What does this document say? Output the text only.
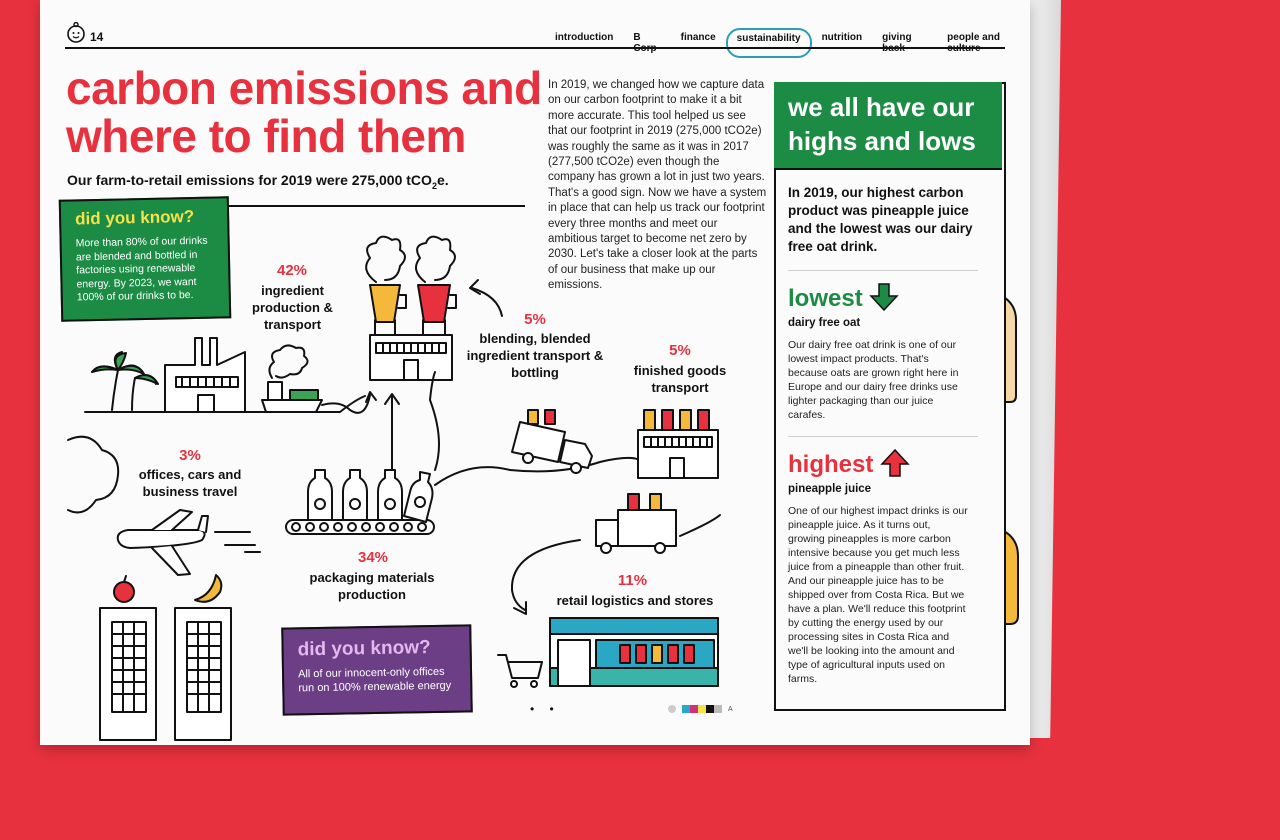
14	introduction	B	finance	sustainability	nutrition	giving	people and
carbon emissions and
where to find them
Our farm-to-retail emissions for 2019 were 275,000 tCO$_2$e.
In 2019, we changed how we capture data on our carbon footprint to make it a bit more accurate. This tool helped us see that our footprint in 2019 (275,000 tCO2e) was roughly the same as it was in 2017 (277,500 tCO2e) even though the company has grown a lot in just two years. That's a good sign. Now we have a system in place that can help us track our footprint every three months and meet our ambitious target to become net zero by 2030. Let's take a closer look at the parts of our business that make up our emissions.
42%
ingredient production & transport	5%
blending, blended ingredient transport & bottling
5%
finished goods transport
3%
offices, cars and business travel
34%
packaging materials production
11%
retail logistics and stores
did you know?
More than 80% of our drinks are blended and bottled in factories using renewable energy. By 2023, we want 100% of our drinks to be.
did you know?
All of our innocent-only offices run on 100% renewable energy
we all have our highs and lows
In 2019, our highest carbon product was pineapple juice and the lowest was our dairy free oat drink.
lowest
dairy free oat
Our dairy free oat drink is one of our lowest impact products. That's because oats are grown right here in Europe and our dairy free drinks use lighter packaging than our juice carafes.
highest
pineapple juice
One of our highest impact drinks is our pineapple juice. As it turns out, growing pineapples is more carbon intensive because you get much less juice from a pineapple than other fruit. And our pineapple juice has to be shipped over from Costa Rica. But we have a plan. We'll reduce this footprint by cutting the energy used by our processing sites in Costa Rica and we'll be looking into the amount and type of agricultural inputs used on farms.
• •	A
